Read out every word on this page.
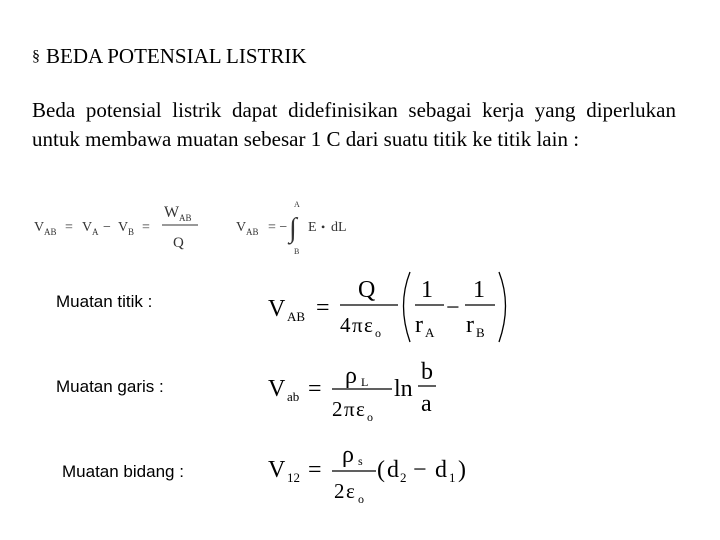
§ BEDA POTENSIAL LISTRIK
Beda potensial listrik dapat didefinisikan sebagai kerja yang diperlukan untuk membawa muatan sebesar 1 C dari suatu titik ke titik lain :
V AB = V A − V B =
W AB
Q
V AB = −
A
∫
B
E • dL
Muatan titik :
Muatan garis :
Muatan bidang :
V AB =
Q
4 π ε o
1
r A
−
1
r B
V ab = ρ L
2 π ε o
ln
b
a
V 12 =
ρ s
2 ε o
( d 2 − d 1 )
